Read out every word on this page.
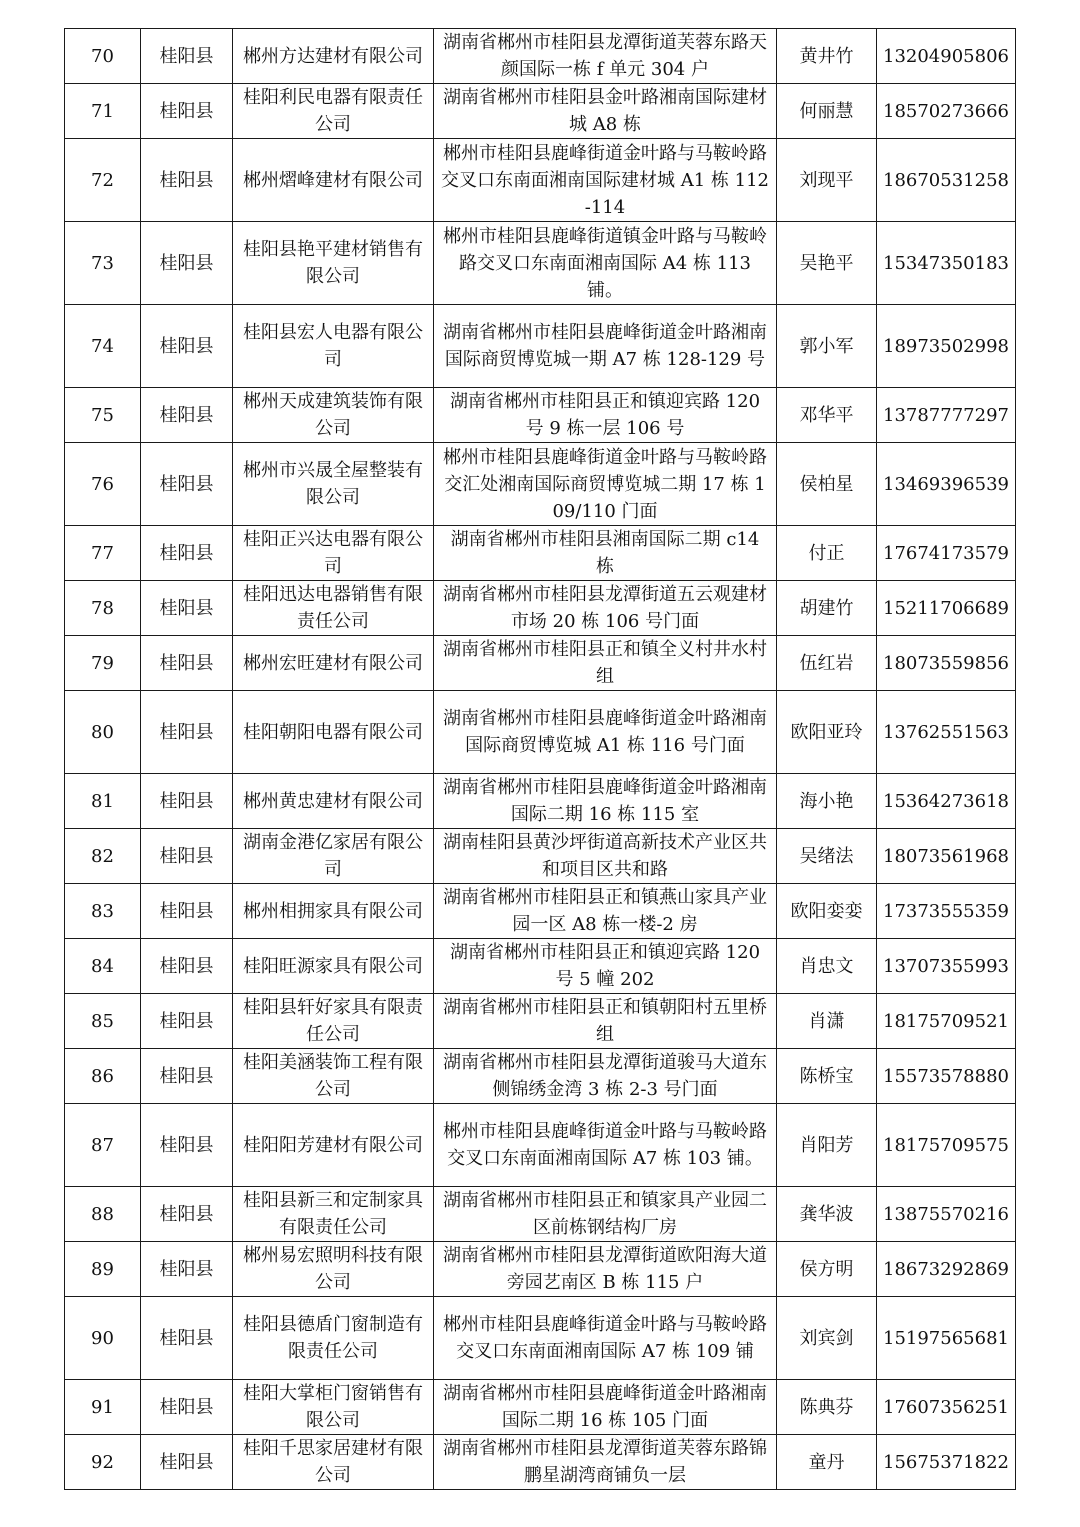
70	桂阳县	郴州方达建材有限公司	湖南省郴州市桂阳县龙潭街道芙蓉东路天颜国际一栋 f 单元 304 户	黄井竹	13204905806
71	桂阳县	桂阳利民电器有限责任公司	湖南省郴州市桂阳县金叶路湘南国际建材城 A8 栋	何丽慧	18570273666
72	桂阳县	郴州熠峰建材有限公司	郴州市桂阳县鹿峰街道金叶路与马鞍岭路交叉口东南面湘南国际建材城 A1 栋 112-114	刘现平	18670531258
73	桂阳县	桂阳县艳平建材销售有限公司	郴州市桂阳县鹿峰街道镇金叶路与马鞍岭路交叉口东南面湘南国际 A4 栋 113 铺。	吴艳平	15347350183
74	桂阳县	桂阳县宏人电器有限公司	湖南省郴州市桂阳县鹿峰街道金叶路湘南国际商贸博览城一期 A7 栋 128-129 号	郭小军	18973502998
75	桂阳县	郴州天成建筑装饰有限公司	湖南省郴州市桂阳县正和镇迎宾路 120 号 9 栋一层 106 号	邓华平	13787777297
76	桂阳县	郴州市兴晟全屋整装有限公司	郴州市桂阳县鹿峰街道金叶路与马鞍岭路交汇处湘南国际商贸博览城二期 17 栋 109/110 门面	侯柏星	13469396539
77	桂阳县	桂阳正兴达电器有限公司	湖南省郴州市桂阳县湘南国际二期 c14 栋	付正	17674173579
78	桂阳县	桂阳迅达电器销售有限责任公司	湖南省郴州市桂阳县龙潭街道五云观建材市场 20 栋 106 号门面	胡建竹	15211706689
79	桂阳县	郴州宏旺建材有限公司	湖南省郴州市桂阳县正和镇全义村井水村组	伍红岩	18073559856
80	桂阳县	桂阳朝阳电器有限公司	湖南省郴州市桂阳县鹿峰街道金叶路湘南国际商贸博览城 A1 栋 116 号门面	欧阳亚玲	13762551563
81	桂阳县	郴州黄忠建材有限公司	湖南省郴州市桂阳县鹿峰街道金叶路湘南国际二期 16 栋 115 室	海小艳	15364273618
82	桂阳县	湖南金港亿家居有限公司	湖南桂阳县黄沙坪街道高新技术产业区共和项目区共和路	吴绪法	18073561968
83	桂阳县	郴州相拥家具有限公司	湖南省郴州市桂阳县正和镇燕山家具产业园一区 A8 栋一楼-2 房	欧阳娈娈	17373555359
84	桂阳县	桂阳旺源家具有限公司	湖南省郴州市桂阳县正和镇迎宾路 120 号 5 幢 202	肖忠文	13707355993
85	桂阳县	桂阳县轩好家具有限责任公司	湖南省郴州市桂阳县正和镇朝阳村五里桥组	肖潇	18175709521
86	桂阳县	桂阳美涵装饰工程有限公司	湖南省郴州市桂阳县龙潭街道骏马大道东侧锦绣金湾 3 栋 2-3 号门面	陈桥宝	15573578880
87	桂阳县	桂阳阳芳建材有限公司	郴州市桂阳县鹿峰街道金叶路与马鞍岭路交叉口东南面湘南国际 A7 栋 103 铺。	肖阳芳	18175709575
88	桂阳县	桂阳县新三和定制家具有限责任公司	湖南省郴州市桂阳县正和镇家具产业园二区前栋钢结构厂房	龚华波	13875570216
89	桂阳县	郴州易宏照明科技有限公司	湖南省郴州市桂阳县龙潭街道欧阳海大道旁园艺南区 B 栋 115 户	侯方明	18673292869
90	桂阳县	桂阳县德盾门窗制造有限责任公司	郴州市桂阳县鹿峰街道金叶路与马鞍岭路交叉口东南面湘南国际 A7 栋 109 铺	刘宾剑	15197565681
91	桂阳县	桂阳大掌柜门窗销售有限公司	湖南省郴州市桂阳县鹿峰街道金叶路湘南国际二期 16 栋 105 门面	陈典芬	17607356251
92	桂阳县	桂阳千思家居建材有限公司	湖南省郴州市桂阳县龙潭街道芙蓉东路锦鹏星湖湾商铺负一层	童丹	15675371822
